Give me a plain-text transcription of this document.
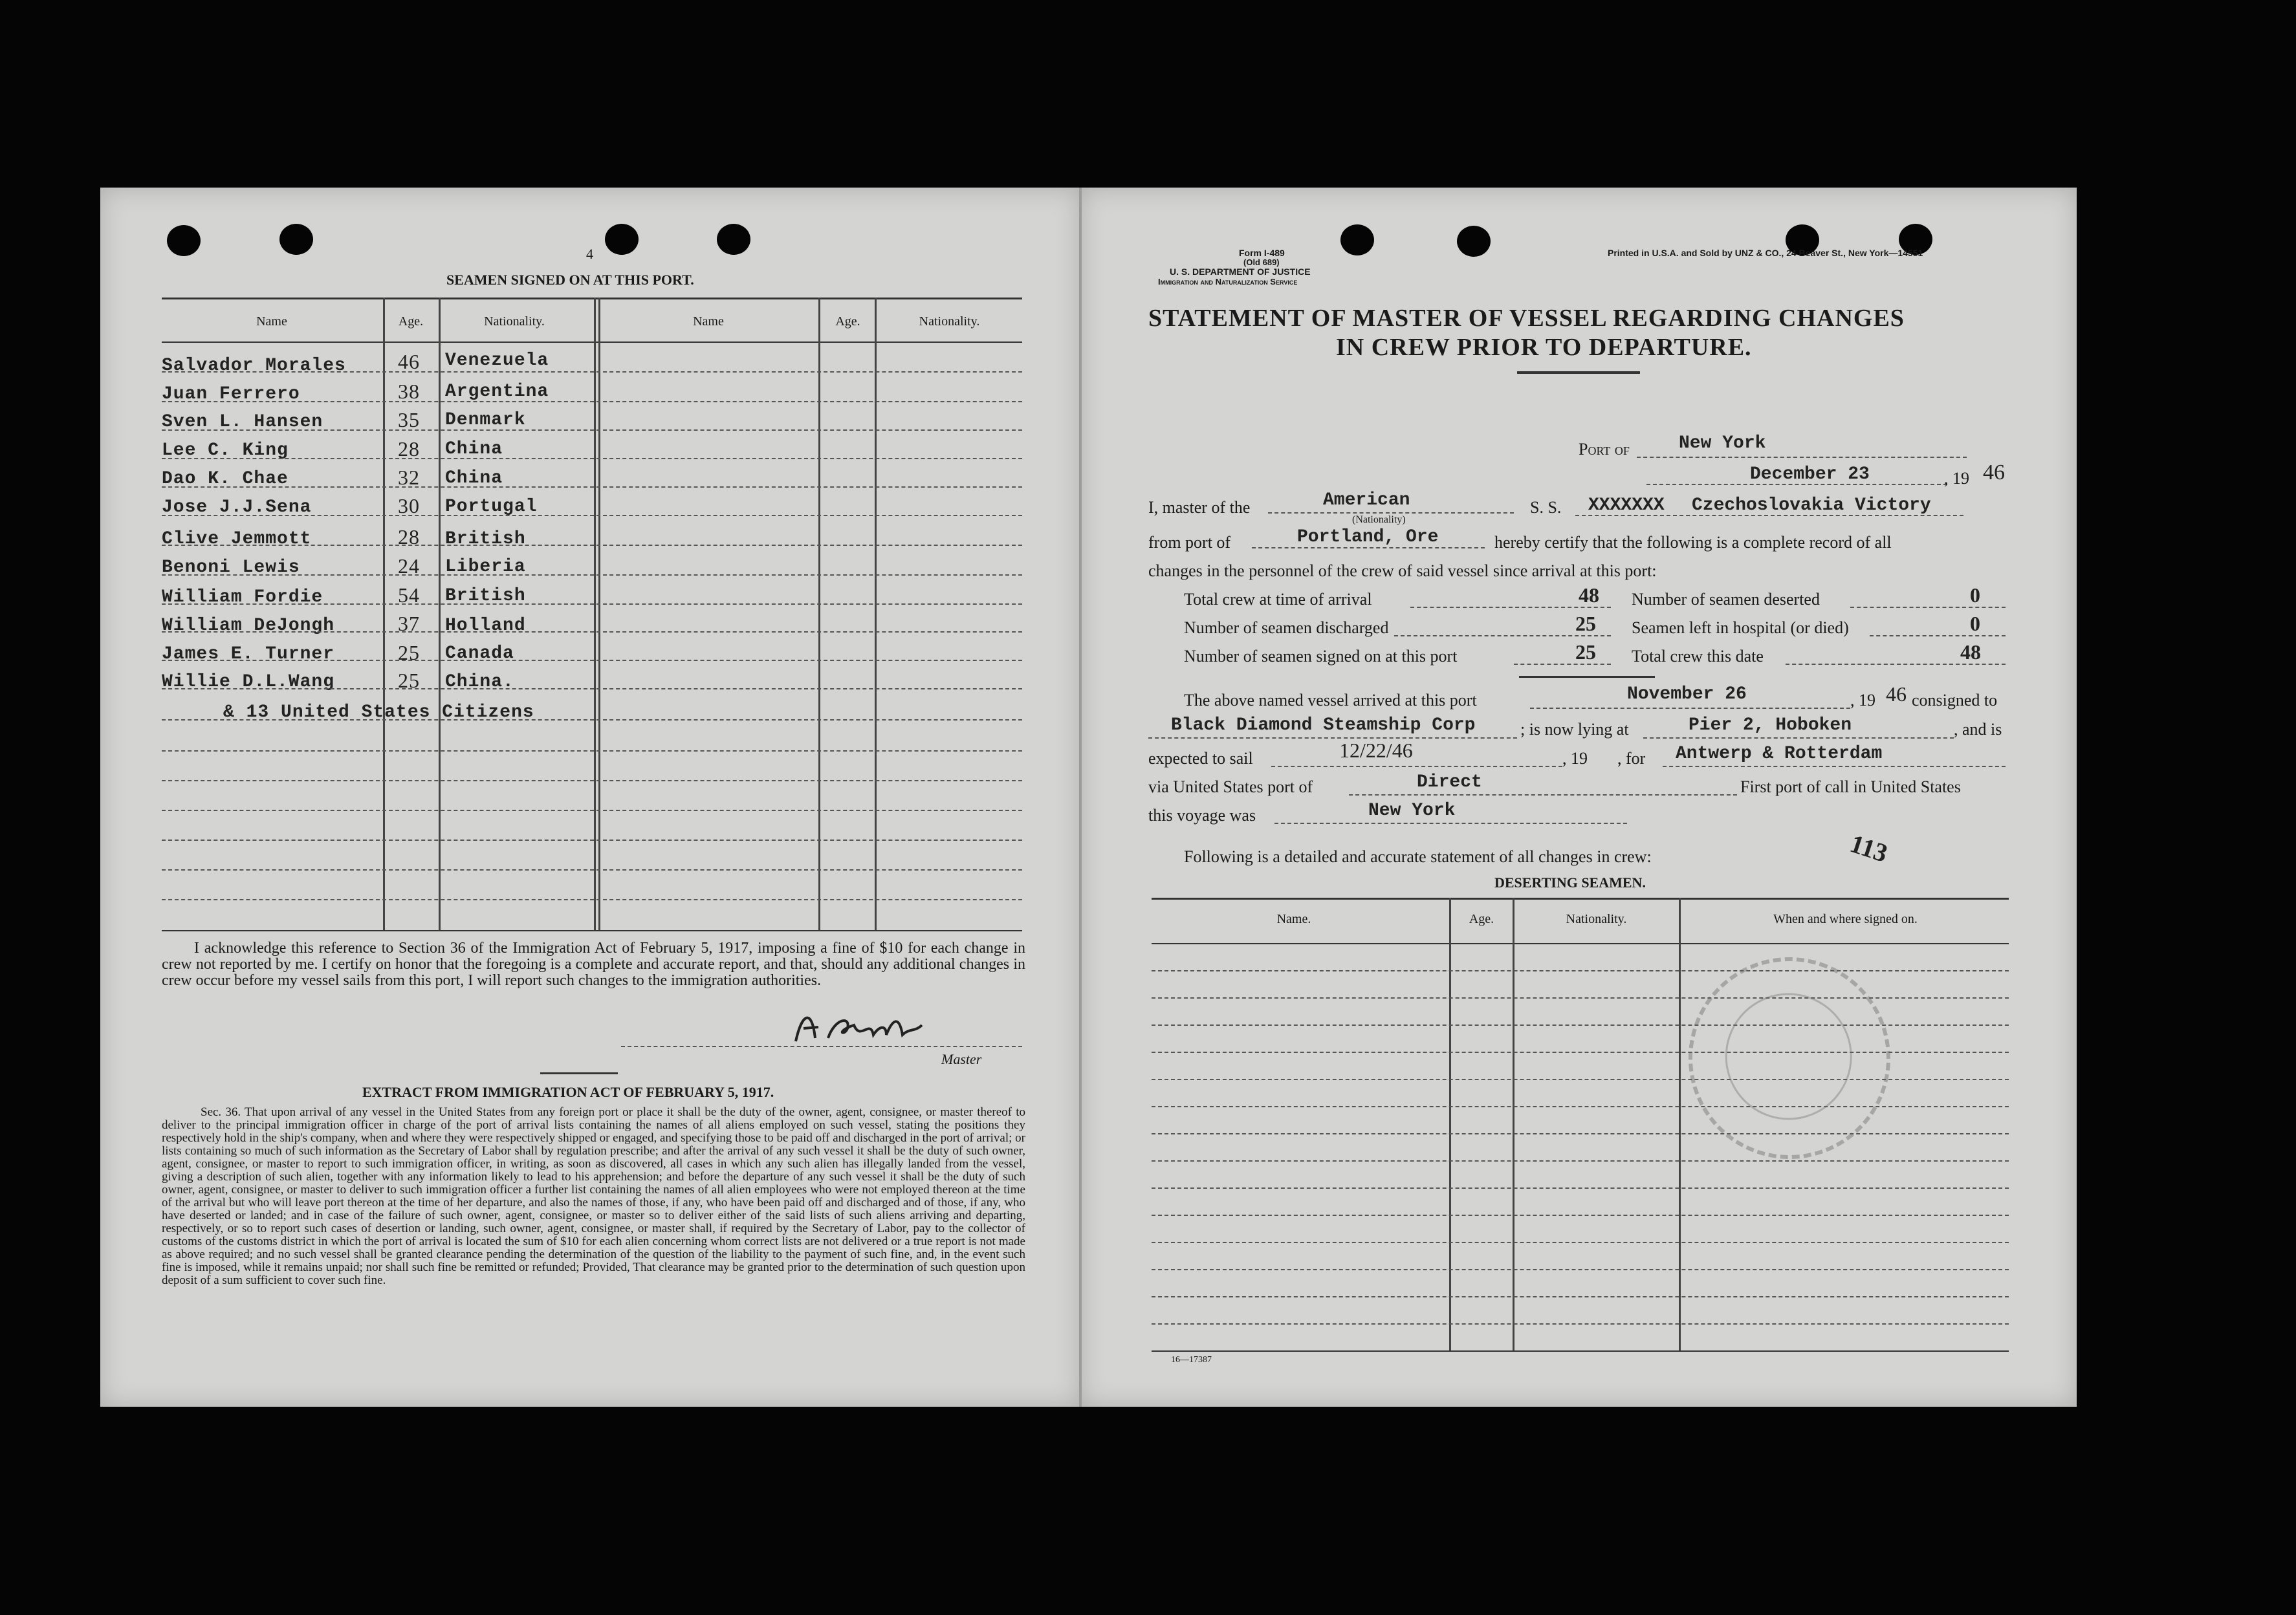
4
SEAMEN SIGNED ON AT THIS PORT.
Name	Age.	Nationality.	Name	Age.	Nationality.
Salvador Morales	46 Venezuela
Juan Ferrero	38 Argentina
Sven L. Hansen	35 Denmark
Lee C. King	28 China
Dao K. Chae	32 China
Jose J.J.Sena	30 Portugal
Clive Jemmott	28 British
Benoni Lewis	24 Liberia
William Fordie	54 British
William DeJongh	37 Holland
James E. Turner	25 Canada
Willie D.L.Wang	25 China.
& 13 United States Citizens
I acknowledge this reference to Section 36 of the Immigration Act of February 5, 1917, imposing a fine of $10 for each change in crew not reported by me. I certify on honor that the foregoing is a complete and accurate report, and that, should any additional changes in crew occur before my vessel sails from this port, I will report such changes to the immigration authorities.
Master
EXTRACT FROM IMMIGRATION ACT OF FEBRUARY 5, 1917.
Sec. 36. That upon arrival of any vessel in the United States from any foreign port or place it shall be the duty of the owner, agent, consignee, or master thereof to deliver to the principal immigration officer in charge of the port of arrival lists containing the names of all aliens employed on such vessel, stating the positions they respectively hold in the ship's company, when and where they were respectively shipped or engaged, and specifying those to be paid off and discharged in the port of arrival; or lists containing so much of such information as the Secretary of Labor shall by regulation prescribe; and after the arrival of any such vessel it shall be the duty of such owner, agent, consignee, or master to report to such immigration officer, in writing, as soon as discovered, all cases in which any such alien has illegally landed from the vessel, giving a description of such alien, together with any information likely to lead to his apprehension; and before the departure of any such vessel it shall be the duty of such owner, agent, consignee, or master to deliver to such immigration officer a further list containing the names of all alien employees who were not employed thereon at the time of the arrival but who will leave port thereon at the time of her departure, and also the names of those, if any, who have been paid off and discharged and of those, if any, who have deserted or landed; and in case of the failure of such owner, agent, consignee, or master so to deliver either of the said lists of such aliens arriving and departing, respectively, or so to report such cases of desertion or landing, such owner, agent, consignee, or master shall, if required by the Secretary of Labor, pay to the collector of customs of the customs district in which the port of arrival is located the sum of $10 for each alien concerning whom correct lists are not delivered or a true report is not made as above required; and no such vessel shall be granted clearance pending the determination of the question of the liability to the payment of such fine, and, in the event such fine is imposed, while it remains unpaid; nor shall such fine be remitted or refunded; Provided, That clearance may be granted prior to the determination of such question upon deposit of a sum sufficient to cover such fine.
Form I-489
(Old 689)
U. S. DEPARTMENT OF JUSTICE
Immigration and Naturalization Service
Printed in U.S.A. and Sold by UNZ & CO., 24 Beaver St., New York—14551
STATEMENT OF MASTER OF VESSEL REGARDING CHANGES
IN CREW PRIOR TO DEPARTURE.
Port of	New York
December 23	, 19 46
I, master of the	American
(Nationality)
S. S. XXXXXXX Czechoslovakia Victory
from port of	Portland, Ore	hereby certify that the following is a complete record of all
changes in the personnel of the crew of said vessel since arrival at this port:
Total crew at time of arrival	48 Number of seamen deserted	0
Number of seamen discharged	25 Seamen left in hospital (or died)	0
Number of seamen signed on at this port	25 Total crew this date	48
The above named vessel arrived at this port	November 26	, 19 46 consigned to
Black Diamond Steamship Corp	; is now lying at	Pier 2, Hoboken	, and is
expected to sail	12/22/46	, 19 , for Antwerp & Rotterdam
via United States port of	Direct	First port of call in United States
this voyage was	New York
Following is a detailed and accurate statement of all changes in crew:	113
DESERTING SEAMEN.
Name.	Age.	Nationality.	When and where signed on.
16—17387
